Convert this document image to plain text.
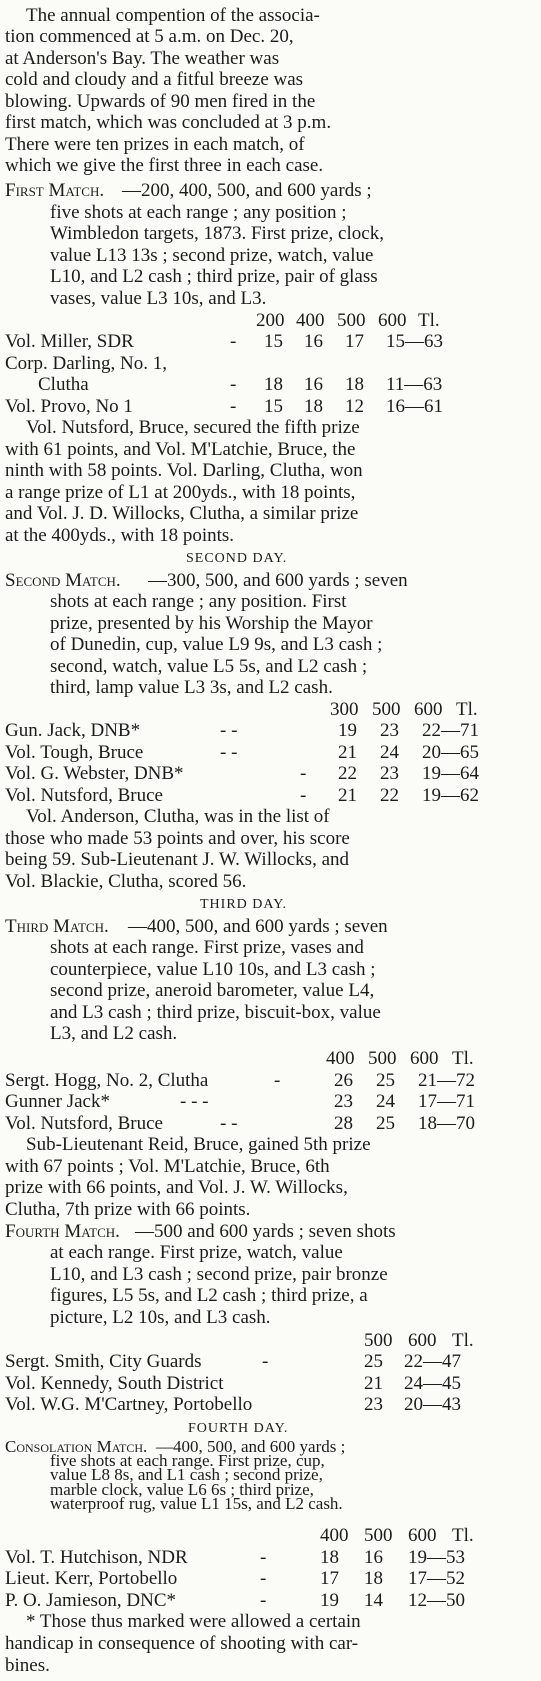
The annual compention of the associa-
tion commenced at 5 a.m. on Dec. 20,
at Anderson's Bay. The weather was
cold and cloudy and a fitful breeze was
blowing. Upwards of 90 men fired in the
first match, which was concluded at 3 p.m.
There were ten prizes in each match, of
which we give the first three in each case.
First Match. —200, 400, 500, and 600 yards ;
five shots at each range ; any position ;
Wimbledon targets, 1873. First prize, clock,
value L13 13s ; second prize, watch, value
L10, and L2 cash ; third prize, pair of glass
vases, value L3 10s, and L3.
200 400 500 600 Tl.
Vol. Miller, SDR	- 15 16 17 15—63
Corp. Darling, No. 1,
Clutha	- 18 16 18 11—63
Vol. Provo, No 1	- 15 18 12 16—61
Vol. Nutsford, Bruce, secured the fifth prize
with 61 points, and Vol. M'Latchie, Bruce, the
ninth with 58 points. Vol. Darling, Clutha, won
a range prize of L1 at 200yds., with 18 points,
and Vol. J. D. Willocks, Clutha, a similar prize
at the 400yds., with 18 points.
SECOND DAY.
Second Match. —300, 500, and 600 yards ; seven
shots at each range ; any position. First
prize, presented by his Worship the Mayor
of Dunedin, cup, value L9 9s, and L3 cash ;
second, watch, value L5 5s, and L2 cash ;
third, lamp value L3 3s, and L2 cash.
300 500 600 Tl.
Gun. Jack, DNB*	- -	19 23 22—71
Vol. Tough, Bruce	- -	21 24 20—65
Vol. G. Webster, DNB*	- 22 23 19—64
Vol. Nutsford, Bruce	- 21 22 19—62
Vol. Anderson, Clutha, was in the list of
those who made 53 points and over, his score
being 59. Sub-Lieutenant J. W. Willocks, and
Vol. Blackie, Clutha, scored 56.
THIRD DAY.
Third Match. —400, 500, and 600 yards ; seven
shots at each range. First prize, vases and
counterpiece, value L10 10s, and L3 cash ;
second prize, aneroid barometer, value L4,
and L3 cash ; third prize, biscuit-box, value
L3, and L2 cash.
400 500 600 Tl.
Sergt. Hogg, No. 2, Clutha	-	26 25 21—72
Gunner Jack*	- - -	23 24 17—71
Vol. Nutsford, Bruce	- -	28 25 18—70
Sub-Lieutenant Reid, Bruce, gained 5th prize
with 67 points ; Vol. M'Latchie, Bruce, 6th
prize with 66 points, and Vol. J. W. Willocks,
Clutha, 7th prize with 66 points.
Fourth Match. —500 and 600 yards ; seven shots
at each range. First prize, watch, value
L10, and L3 cash ; second prize, pair bronze
figures, L5 5s, and L2 cash ; third prize, a
picture, L2 10s, and L3 cash.
500 600 Tl.
Sergt. Smith, City Guards	-	25 22—47
Vol. Kennedy, South District	21 24—45
Vol. W.G. M'Cartney, Portobello	23 20—43
FOURTH DAY.
Consolation Match. —400, 500, and 600 yards ;
five shots at each range. First prize, cup,
value L8 8s, and L1 cash ; second prize,
marble clock, value L6 6s ; third prize,
waterproof rug, value L1 15s, and L2 cash.
400 500 600 Tl.
Vol. T. Hutchison, NDR	-	18 16 19—53
Lieut. Kerr, Portobello	-	17 18 17—52
P. O. Jamieson, DNC*	-	19 14 12—50
* Those thus marked were allowed a certain
handicap in consequence of shooting with car-
bines.
